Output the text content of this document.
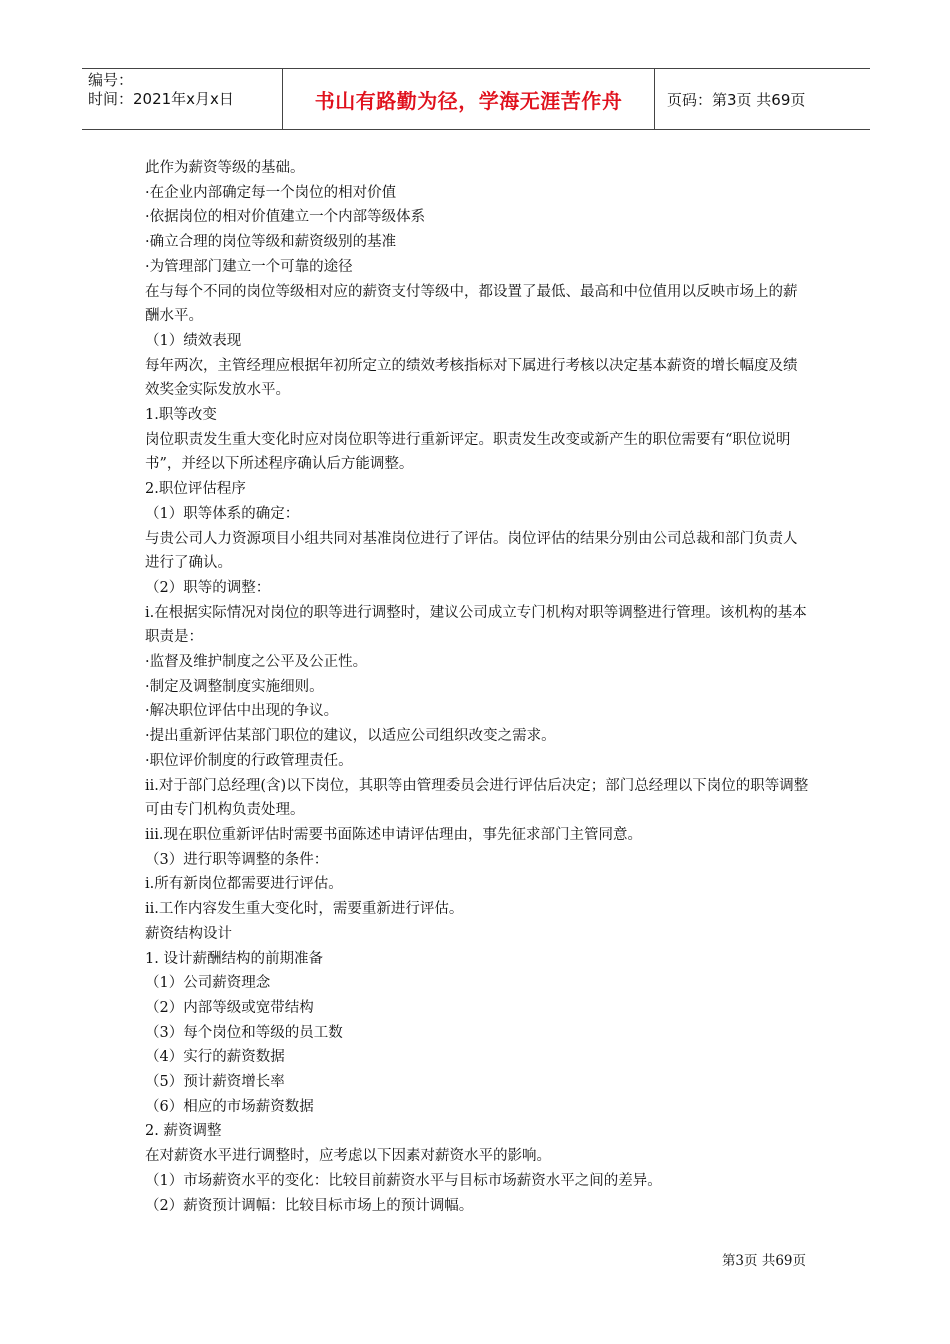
编号：
时间：2021年x月x日	书山有路勤为径，学海无涯苦作舟	页码：第3页 共69页

此作为薪资等级的基础。

·在企业内部确定每一个岗位的相对价值

·依据岗位的相对价值建立一个内部等级体系

·确立合理的岗位等级和薪资级别的基准

·为管理部门建立一个可靠的途径

在与每个不同的岗位等级相对应的薪资支付等级中，都设置了最低、最高和中位值用以反映市场上的薪酬水平。

（1）绩效表现

每年两次，主管经理应根据年初所定立的绩效考核指标对下属进行考核以决定基本薪资的增长幅度及绩效奖金实际发放水平。

1.职等改变

岗位职责发生重大变化时应对岗位职等进行重新评定。职责发生改变或新产生的职位需要有“职位说明书”，并经以下所述程序确认后方能调整。

2.职位评估程序

（1）职等体系的确定：

与贵公司人力资源项目小组共同对基准岗位进行了评估。岗位评估的结果分别由公司总裁和部门负责人进行了确认。

（2）职等的调整：

ⅰ.在根据实际情况对岗位的职等进行调整时，建议公司成立专门机构对职等调整进行管理。该机构的基本职责是：

·监督及维护制度之公平及公正性。

·制定及调整制度实施细则。

·解决职位评估中出现的争议。

·提出重新评估某部门职位的建议，以适应公司组织改变之需求。

·职位评价制度的行政管理责任。

ⅱ.对于部门总经理(含)以下岗位，其职等由管理委员会进行评估后决定；部门总经理以下岗位的职等调整可由专门机构负责处理。

ⅲ.现在职位重新评估时需要书面陈述申请评估理由，事先征求部门主管同意。

（3）进行职等调整的条件：

ⅰ.所有新岗位都需要进行评估。

ⅱ.工作内容发生重大变化时，需要重新进行评估。

薪资结构设计

1. 设计薪酬结构的前期准备

（1）公司薪资理念

（2）内部等级或宽带结构

（3）每个岗位和等级的员工数

（4）实行的薪资数据

（5）预计薪资增长率

（6）相应的市场薪资数据

2. 薪资调整

在对薪资水平进行调整时，应考虑以下因素对薪资水平的影响。

（1）市场薪资水平的变化：比较目前薪资水平与目标市场薪资水平之间的差异。

（2）薪资预计调幅：比较目标市场上的预计调幅。

第3页 共69页
